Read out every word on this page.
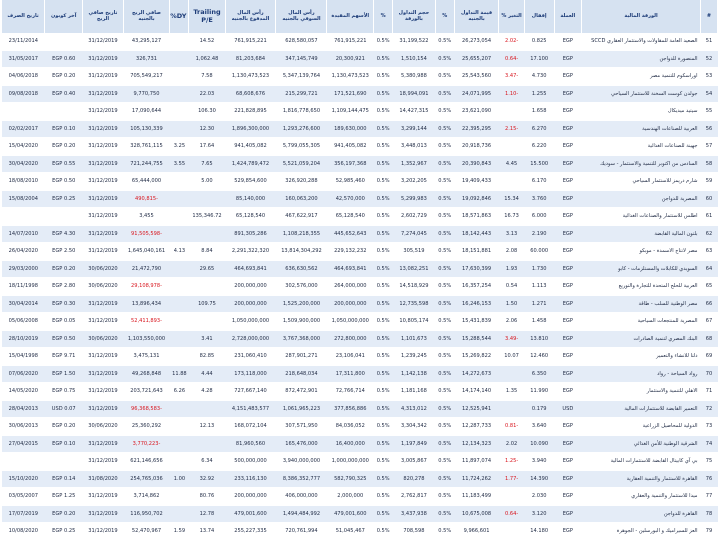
#	الورقة المالية	العملة	إقفال	التغير %	قيمة التداول بالجنيه	%	حجم التداول بالورقة	%	الأسهم المقيدة	رأس المال السوقي بالجنيه	رأس المال المدفوع بالجنيه	Trailing P/E	DY%	صافي الربح بالجنيه	تاريخ صافي الربح	آخر كوبون	تاريخ الصرف
51	الصعيد العامة للمقاولات والاستثمار العقاري SCCD	EGP	0.825	-2.02	26,273,054	0.5%	31,199,522	0.5%	761,915,221	628,580,057	761,915,221	14.52		43,295,127	31/12/2019		23/11/2014
52	المنصورة للدواجن	EGP	17.100	-0.64	25,655,207	0.5%	1,510,154	0.5%	20,300,921	347,145,749	81,203,684	1,062.48		326,731	31/12/2019	EGP 0.60	31/05/2017
53	اوراسكوم للتنمية مصر	EGP	4.730	-3.47	25,543,560	0.5%	5,380,988	0.5%	1,130,473,523	5,347,139,764	1,130,473,523	7.58		705,549,217	31/12/2019	EGP 0.20	04/06/2018
54	جولدن كوست السخنة للاستثمار السياحي	EGP	1.255	-1.10	24,071,995	0.5%	18,994,091	0.5%	171,521,690	215,299,721	68,608,676	22.03		9,770,750	31/12/2019	EGP 0.40	09/08/2018
55	سيتيد ميديكال	EGP	1.658		23,621,090	0.5%	14,427,315	0.5%	1,109,144,475	1,816,778,650	221,828,895	106.30		17,090,644	31/12/2019		
56	العربية للصناعات الهندسية	EGP	6.270	-2.15	22,395,295	0.5%	3,299,144	0.5%	189,630,000	1,293,276,600	1,896,300,000	12.30		105,130,339	31/12/2019	EGP 0.10	02/02/2017
57	جهينة للصناعات الغذائية	EGP	6.220		20,918,736	0.5%	3,448,013	0.5%	941,405,082	5,799,055,305	941,405,082	17.64	3.25	328,761,115	31/12/2019	EGP 0.20	15/04/2020
58	السادس من اكتوبر للتنمية والاستثمار - سوديك	EGP	15.500	4.45	20,390,843	0.5%	1,352,967	0.5%	356,197,368	5,521,059,204	1,424,789,472	7.65	3.55	721,244,755	31/12/2019	EGP 0.55	30/04/2020
59	شارم دريمز للاستثمار السياحي	EGP	6.170		19,409,433	0.5%	3,202,205	0.5%	52,985,460	326,920,288	529,854,600	5.00		65,444,000	31/12/2019	EGP 0.50	18/08/2010
60	المصرية للدواجن	EGP	3.760	15.34	19,092,846	0.5%	5,299,983	0.5%	42,570,000	160,063,200	85,140,000			-490,815	31/12/2019	EGP 0.25	15/08/2004
61	اطلس للاستثمار والصناعات الغذائية	EGP	6.000	16.73	18,571,863	0.5%	2,602,729	0.5%	65,128,540	467,622,917	65,128,540	135,346.72		3,455	31/12/2019		
62	بلتون المالية القابضة	EGP	2.190	3.13	18,142,443	0.5%	7,274,045	0.5%	445,652,643	1,108,218,355	891,305,286			-91,505,598	31/12/2019	EGP 4.30	14/07/2010
63	مصر لانتاج الاسمدة - موبكو	EGP	60.000	2.08	18,151,881	0.5%	305,519	0.5%	229,132,232	13,814,304,292	2,291,322,320	8.84	4.13	1,645,040,161	31/12/2019	EGP 2.50	26/04/2020
64	السويدي للكابلات والمستلزمات - كابو	EGP	1.730	1.93	17,630,399	0.5%	13,082,251	0.5%	464,693,841	636,630,562	464,693,841	29.65		21,472,790	30/06/2020	EGP 0.20	29/03/2000
65	العربية للحلج المتحدة للتجارة والتوزيع	EGP	1.113	0.54	16,357,254	0.5%	14,518,929	0.5%	264,000,000	302,576,000	200,000,000			-29,108,978	30/06/2020	EGP 2.80	18/11/1998
66	مصر الوطنية للسلب - طاقة	EGP	1.271	1.50	16,246,153	0.5%	12,735,598	0.5%	200,000,000	1,525,200,000	200,000,000	109.75		13,896,434	31/12/2019	EGP 0.30	30/04/2014
67	المصرية للمنتجعات السياحية	EGP	1.458	2.06	15,431,839	0.5%	10,805,174	0.5%	1,050,000,000	1,509,900,000	1,050,000,000			-52,411,893	31/12/2019	EGP 0.05	05/06/2008
68	البنك المصري لتنمية الصادرات	EGP	13.810	-3.49	15,288,544	0.5%	1,101,673	0.5%	272,800,000	3,767,368,000	2,728,000,000	3.41		1,103,550,000	30/06/2020	EGP 0.50	28/10/2019
69	دلتا للانشاء والتعمير	EGP	12.460	10.07	15,269,822	0.5%	1,239,245	0.5%	23,106,041	287,901,271	231,060,410	82.85		3,475,131	31/12/2019	EGP 9.71	15/04/1998
70	رواد السياحة - رواد	EGP	6.350		14,272,673	0.5%	1,142,138	0.5%	17,311,800	218,648,034	173,118,000	4.44	11.88	49,268,848	31/12/2019	EGP 1.50	07/06/2020
71	الاهلي للتنمية والاستثمار	EGP	11.990	1.35	14,174,140	0.5%	1,181,168	0.5%	72,766,714	872,472,901	727,667,140	4.28	6.26	203,721,643	31/12/2019	EGP 0.75	14/05/2020
72	التعمير القابضة للاستثمارات المالية	USD	0.179		12,525,941	0.5%	4,313,012	0.5%	377,856,886	1,061,965,223	4,151,483,577			-96,368,583	31/12/2019	USD 0.07	28/04/2013
73	الدولية للمحاصيل الزراعية	EGP	3.640	-0.81	12,287,733	0.5%	3,304,342	0.5%	84,036,052	307,571,950	168,072,104	12.13		25,360,292	30/06/2020	EGP 0.20	30/06/2013
74	الشرقية الوطنية للأمن الغذائي	EGP	10.090	2.02	12,134,323	0.5%	1,197,849	0.5%	16,400,000	165,476,000	81,960,560			-3,770,223	31/12/2019	EGP 0.10	27/04/2015
75	بي آي كابيتال القابضة للاستثمارات المالية	EGP	3.940	-1.25	11,897,074	0.5%	3,005,867	0.5%	1,000,000,000	3,940,000,000	500,000,000	6.34		621,146,656	31/12/2019		
76	القاهرة للاستثمار والتنمية العقارية	EGP	14.390	-1.77	11,724,262	0.5%	820,278	0.5%	582,790,325	8,386,352,777	233,116,130	32.92	1.00	254,765,036	31/08/2020	EGP 0.14	15/10/2020
77	ميدا للاستثمار والتنمية والعقاري	EGP	2.030		11,183,499	0.5%	2,762,817	0.5%	2,000,000	406,000,000	200,000,000	80.76		3,714,862	31/12/2019	EGP 1.25	03/05/2007
78	القاهرة للدواجن	EGP	3.120	-0.64	10,675,008	0.5%	3,437,938	0.5%	479,001,600	1,494,484,992	479,001,600	12.78		116,950,702	31/12/2019	EGP 0.20	17/07/2019
79	العز للسيراميك و البورسلين - الجوهرة	EGP	14.180		9,966,601	0.5%	708,598	0.5%	51,045,467	720,761,994	255,227,335	13.74	1.59	52,470,967	31/12/2019	EGP 0.25	10/08/2020
